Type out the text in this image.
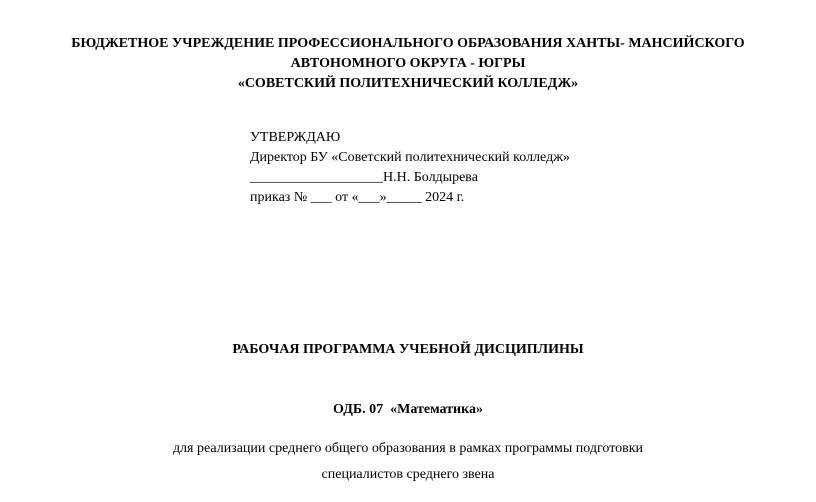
БЮДЖЕТНОЕ УЧРЕЖДЕНИЕ ПРОФЕССИОНАЛЬНОГО ОБРАЗОВАНИЯ ХАНТЫ- МАНСИЙСКОГО
АВТОНОМНОГО ОКРУГА - ЮГРЫ
«СОВЕТСКИЙ ПОЛИТЕХНИЧЕСКИЙ КОЛЛЕДЖ»
УТВЕРЖДАЮ
Директор БУ «Советский политехнический колледж»
___________________Н.Н. Болдырева
приказ № ___ от «___»_____ 2024 г.
РАБОЧАЯ ПРОГРАММА УЧЕБНОЙ ДИСЦИПЛИНЫ
ОДБ. 07  «Математика»
для реализации среднего общего образования в рамках программы подготовки
специалистов среднего звена
